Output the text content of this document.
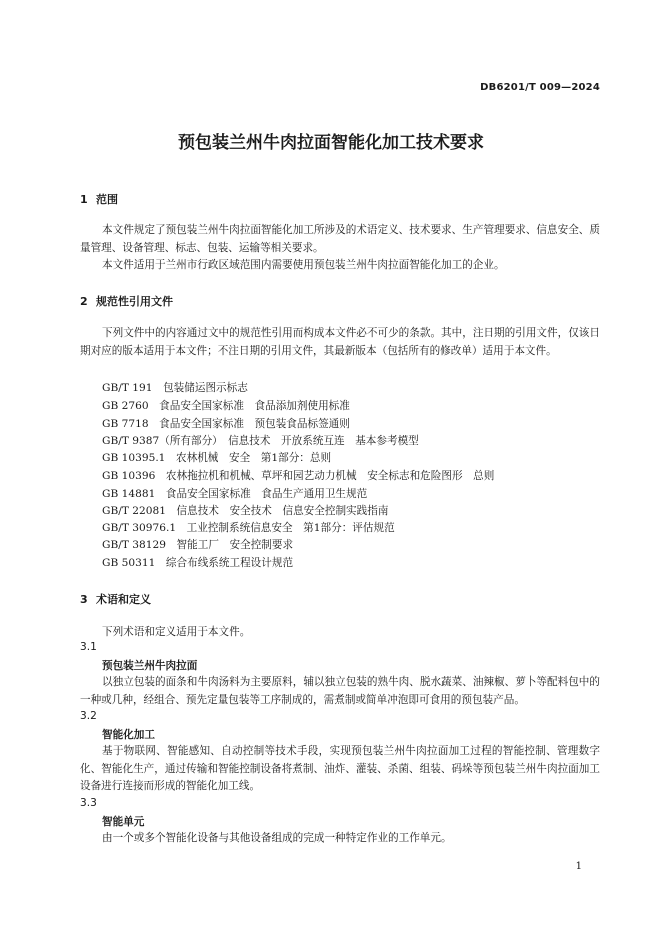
DB6201/T 009—2024
预包装兰州牛肉拉面智能化加工技术要求
1 范围
本文件规定了预包装兰州牛肉拉面智能化加工所涉及的术语定义、技术要求、生产管理要求、信息安全、质量管理、设备管理、标志、包装、运输等相关要求。
本文件适用于兰州市行政区域范围内需要使用预包装兰州牛肉拉面智能化加工的企业。
2 规范性引用文件
下列文件中的内容通过文中的规范性引用而构成本文件必不可少的条款。其中，注日期的引用文件，仅该日期对应的版本适用于本文件；不注日期的引用文件，其最新版本（包括所有的修改单）适用于本文件。
GB/T 191　包装储运图示标志
GB 2760　食品安全国家标准　食品添加剂使用标准
GB 7718　食品安全国家标准　预包装食品标签通则
GB/T 9387（所有部分）　信息技术　开放系统互连　基本参考模型
GB 10395.1　农林机械　安全　第1部分：总则
GB 10396　农林拖拉机和机械、草坪和园艺动力机械　安全标志和危险图形　总则
GB 14881　食品安全国家标准　食品生产通用卫生规范
GB/T 22081　信息技术　安全技术　信息安全控制实践指南
GB/T 30976.1　工业控制系统信息安全　第1部分：评估规范
GB/T 38129　智能工厂　安全控制要求
GB 50311　综合布线系统工程设计规范
3 术语和定义
下列术语和定义适用于本文件。
3.1
预包装兰州牛肉拉面
以独立包装的面条和牛肉汤料为主要原料，辅以独立包装的熟牛肉、脱水蔬菜、油辣椒、萝卜等配料包中的一种或几种，经组合、预先定量包装等工序制成的，需煮制或简单冲泡即可食用的预包装产品。
3.2
智能化加工
基于物联网、智能感知、自动控制等技术手段，实现预包装兰州牛肉拉面加工过程的智能控制、管理数字化、智能化生产，通过传输和智能控制设备将煮制、油炸、灌装、杀菌、组装、码垛等预包装兰州牛肉拉面加工设备进行连接而形成的智能化加工线。
3.3
智能单元
由一个或多个智能化设备与其他设备组成的完成一种特定作业的工作单元。
1
